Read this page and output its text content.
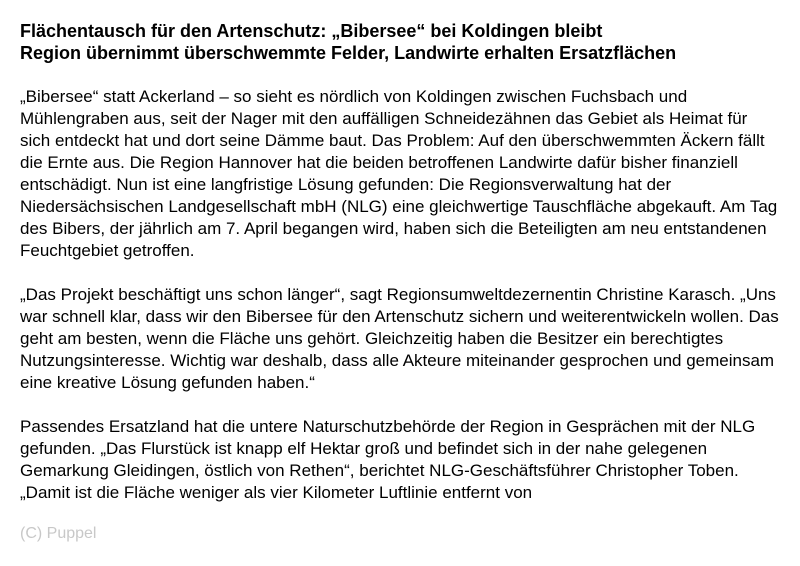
Flächentausch für den Artenschutz: „Bibersee“ bei Koldingen bleibt

Region übernimmt überschwemmte Felder, Landwirte erhalten Ersatzflächen

„Bibersee“ statt Ackerland – so sieht es nördlich von Koldingen zwischen Fuchsbach und Mühlengraben aus, seit der Nager mit den auffälligen Schneidezähnen das Gebiet als Heimat für sich entdeckt hat und dort seine Dämme baut. Das Problem: Auf den überschwemmten Äckern fällt die Ernte aus. Die Region Hannover hat die beiden betroffenen Landwirte dafür bisher finanziell entschädigt. Nun ist eine langfristige Lösung gefunden: Die Regionsverwaltung hat der Niedersächsischen Landgesellschaft mbH (NLG) eine gleichwertige Tauschfläche abgekauft. Am Tag des Bibers, der jährlich am 7. April begangen wird, haben sich die Beteiligten am neu entstandenen Feuchtgebiet getroffen.

„Das Projekt beschäftigt uns schon länger“, sagt Regionsumweltdezernentin Christine Karasch. „Uns war schnell klar, dass wir den Bibersee für den Artenschutz sichern und weiterentwickeln wollen. Das geht am besten, wenn die Fläche uns gehört. Gleichzeitig haben die Besitzer ein berechtigtes Nutzungsinteresse. Wichtig war deshalb, dass alle Akteure miteinander gesprochen und gemeinsam eine kreative Lösung gefunden haben.“

Passendes Ersatzland hat die untere Naturschutzbehörde der Region in Gesprächen mit der NLG gefunden. „Das Flurstück ist knapp elf Hektar groß und befindet sich in der nahe gelegenen Gemarkung Gleidingen, östlich von Rethen“, berichtet NLG-Geschäftsführer Christopher Toben. „Damit ist die Fläche weniger als vier Kilometer Luftlinie entfernt von

(C) Puppel
